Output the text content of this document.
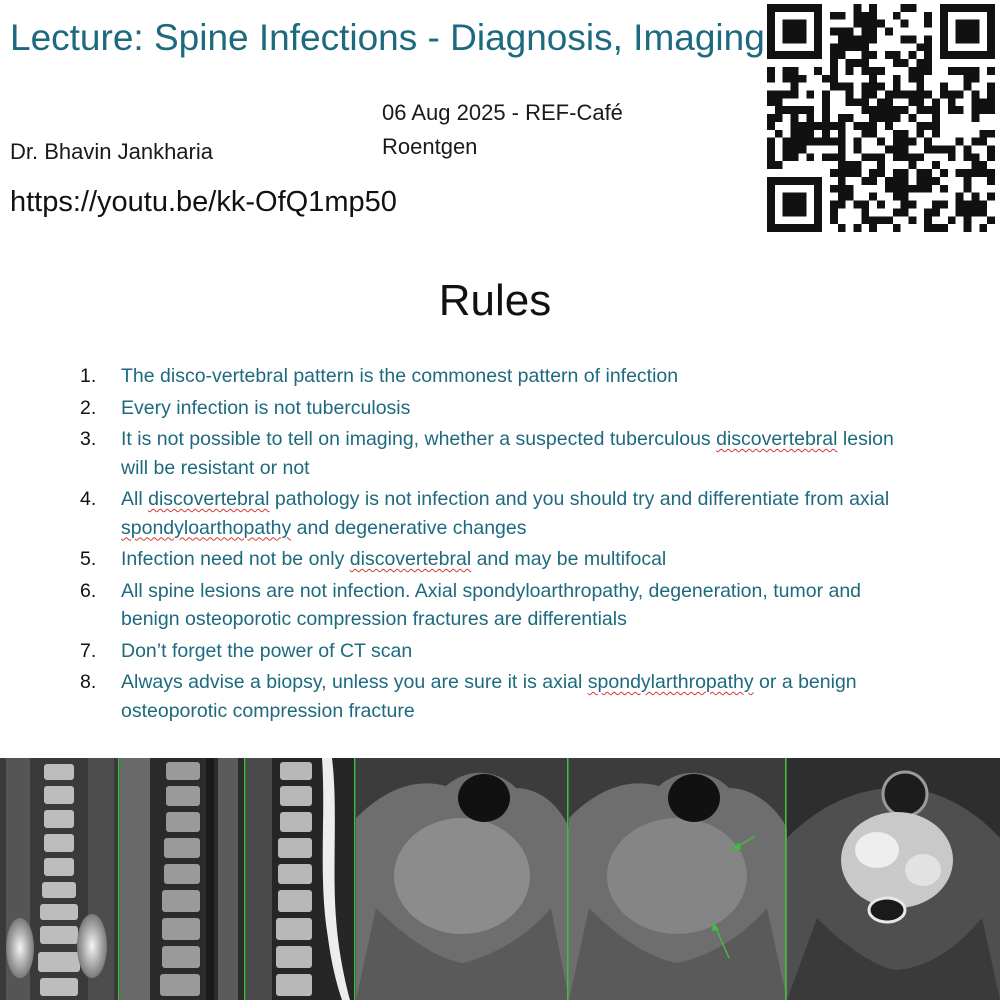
Lecture: Spine Infections - Diagnosis, Imaging
Dr. Bhavin Jankharia
06 Aug 2025 - REF-Café
Roentgen
https://youtu.be/kk-OfQ1mp50
Rules
1.	The disco-vertebral pattern is the commonest pattern of infection
2.	Every infection is not tuberculosis
3.	It is not possible to tell on imaging, whether a suspected tuberculous discovertebral lesion will be resistant or not
4.	All discovertebral pathology is not infection and you should try and differentiate from axial spondyloarthopathy and degenerative changes
5.	Infection need not be only discovertebral and may be multifocal
6.	All spine lesions are not infection. Axial spondyloarthropathy, degeneration, tumor and benign osteoporotic compression fractures are differentials
7.	Don’t forget the power of CT scan
8.	Always advise a biopsy, unless you are sure it is axial spondylarthropathy or a benign osteoporotic compression fracture
